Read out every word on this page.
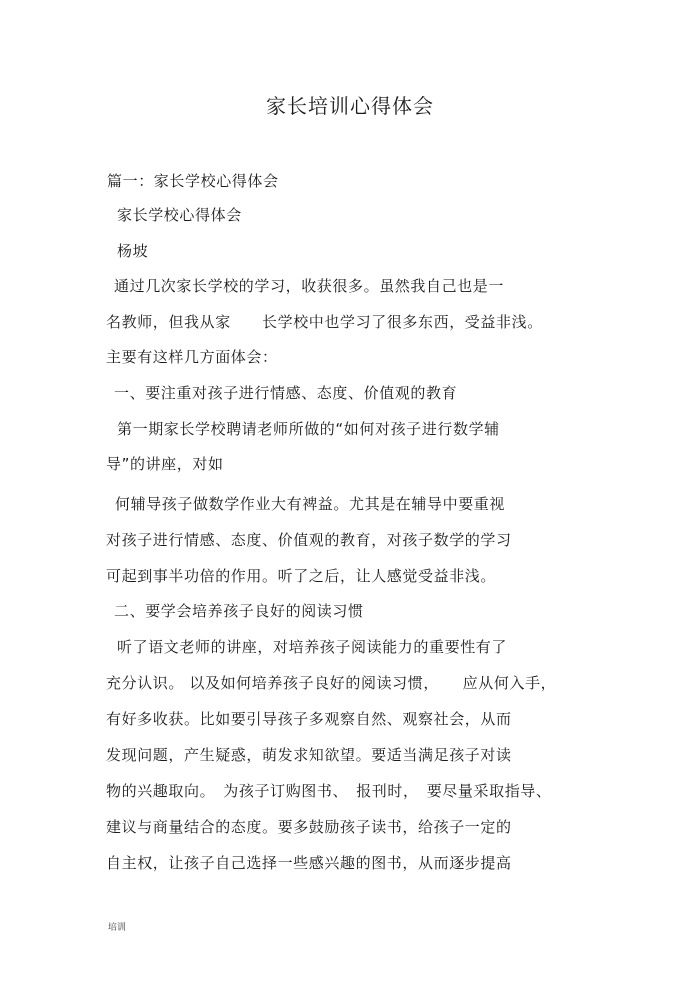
家长培训心得体会
篇一：家长学校心得体会
家长学校心得体会
杨坡
通过几次家长学校的学习，收获很多。虽然我自己也是一
名教师，但我从家　　长学校中也学习了很多东西，受益非浅。
主要有这样几方面体会：
一、要注重对孩子进行情感、态度、价值观的教育
第一期家长学校聘请老师所做的“如何对孩子进行数学辅
导”的讲座，对如
何辅导孩子做数学作业大有裨益。尤其是在辅导中要重视
对孩子进行情感、态度、价值观的教育，对孩子数学的学习
可起到事半功倍的作用。听了之后，让人感觉受益非浅。
二、要学会培养孩子良好的阅读习惯
听了语文老师的讲座，对培养孩子阅读能力的重要性有了
充分认识。 以及如何培养孩子良好的阅读习惯，　　应从何入手，
有好多收获。比如要引导孩子多观察自然、观察社会，从而
发现问题，产生疑惑，萌发求知欲望。要适当满足孩子对读
物的兴趣取向。　为孩子订购图书、　报刊时，　要尽量采取指导、
建议与商量结合的态度。要多鼓励孩子读书，给孩子一定的
自主权，让孩子自己选择一些感兴趣的图书，从而逐步提高
培训
